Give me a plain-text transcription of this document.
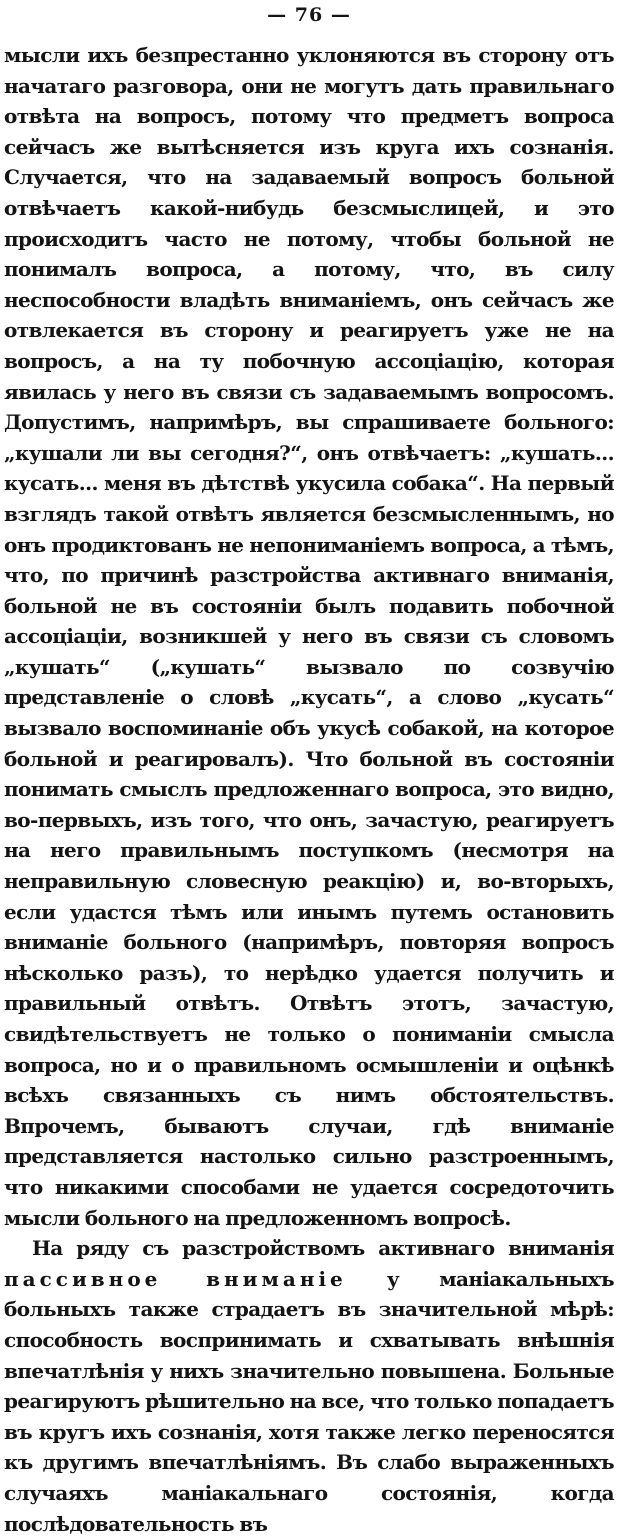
— 76 —

мысли ихъ безпрестанно уклоняются въ сторону отъ начатаго разговора, они не могутъ дать правильнаго отвѣта на вопросъ, потому что предметъ вопроса сейчасъ же вытѣсняется изъ круга ихъ сознанія. Случается, что на задаваемый вопросъ больной отвѣчаетъ какой-нибудь безсмыслицей, и это происходитъ часто не потому, чтобы больной не понималъ вопроса, а потому, что, въ силу неспособности владѣть вниманіемъ, онъ сейчасъ же отвлекается въ сторону и реагируетъ уже не на вопросъ, а на ту побочную ассоціацію, которая явилась у него въ связи съ задаваемымъ вопросомъ. Допустимъ, напримѣръ, вы спрашиваете больного: „кушали ли вы сегодня?“, онъ отвѣчаетъ: „кушать... кусать... меня въ дѣтствѣ укусила собака“. На первый взглядъ такой отвѣтъ является безсмысленнымъ, но онъ продиктованъ не непониманіемъ вопроса, а тѣмъ, что, по причинѣ разстройства активнаго вниманія, больной не въ состояніи былъ подавить побочной ассоціаціи, возникшей у него въ связи съ словомъ „кушать“ („кушать“ вызвало по созвучію представленіе о словѣ „кусать“, а слово „кусать“ вызвало воспоминаніе объ укусѣ собакой, на которое больной и реагировалъ). Что больной въ состояніи понимать смыслъ предложеннаго вопроса, это видно, во-первыхъ, изъ того, что онъ, зачастую, реагируетъ на него правильнымъ поступкомъ (несмотря на неправильную словесную реакцію) и, во-вторыхъ, если удастся тѣмъ или инымъ путемъ остановить вниманіе больного (напримѣръ, повторяя вопросъ нѣсколько разъ), то нерѣдко удается получить и правильный отвѣтъ. Отвѣтъ этотъ, зачастую, свидѣтельствуетъ не только о пониманіи смысла вопроса, но и о правильномъ осмышленіи и оцѣнкѣ всѣхъ связанныхъ съ нимъ обстоятельствъ. Впрочемъ, бываютъ случаи, гдѣ вниманіе представляется настолько сильно разстроеннымъ, что никакими способами не удается сосредоточить мысли больного на предложенномъ вопросѣ.

На ряду съ разстройствомъ активнаго вниманія пассивное вниманіе у маніакальныхъ больныхъ также страдаетъ въ значительной мѣрѣ: способность воспринимать и схватывать внѣшнія впечатлѣнія у нихъ значительно повышена. Больные реагируютъ рѣшительно на все, что только попадаетъ въ кругъ ихъ сознанія, хотя также легко переносятся къ другимъ впечатлѣніямъ. Въ слабо выраженныхъ случаяхъ маніакальнаго состоянія, когда послѣдовательность въ
